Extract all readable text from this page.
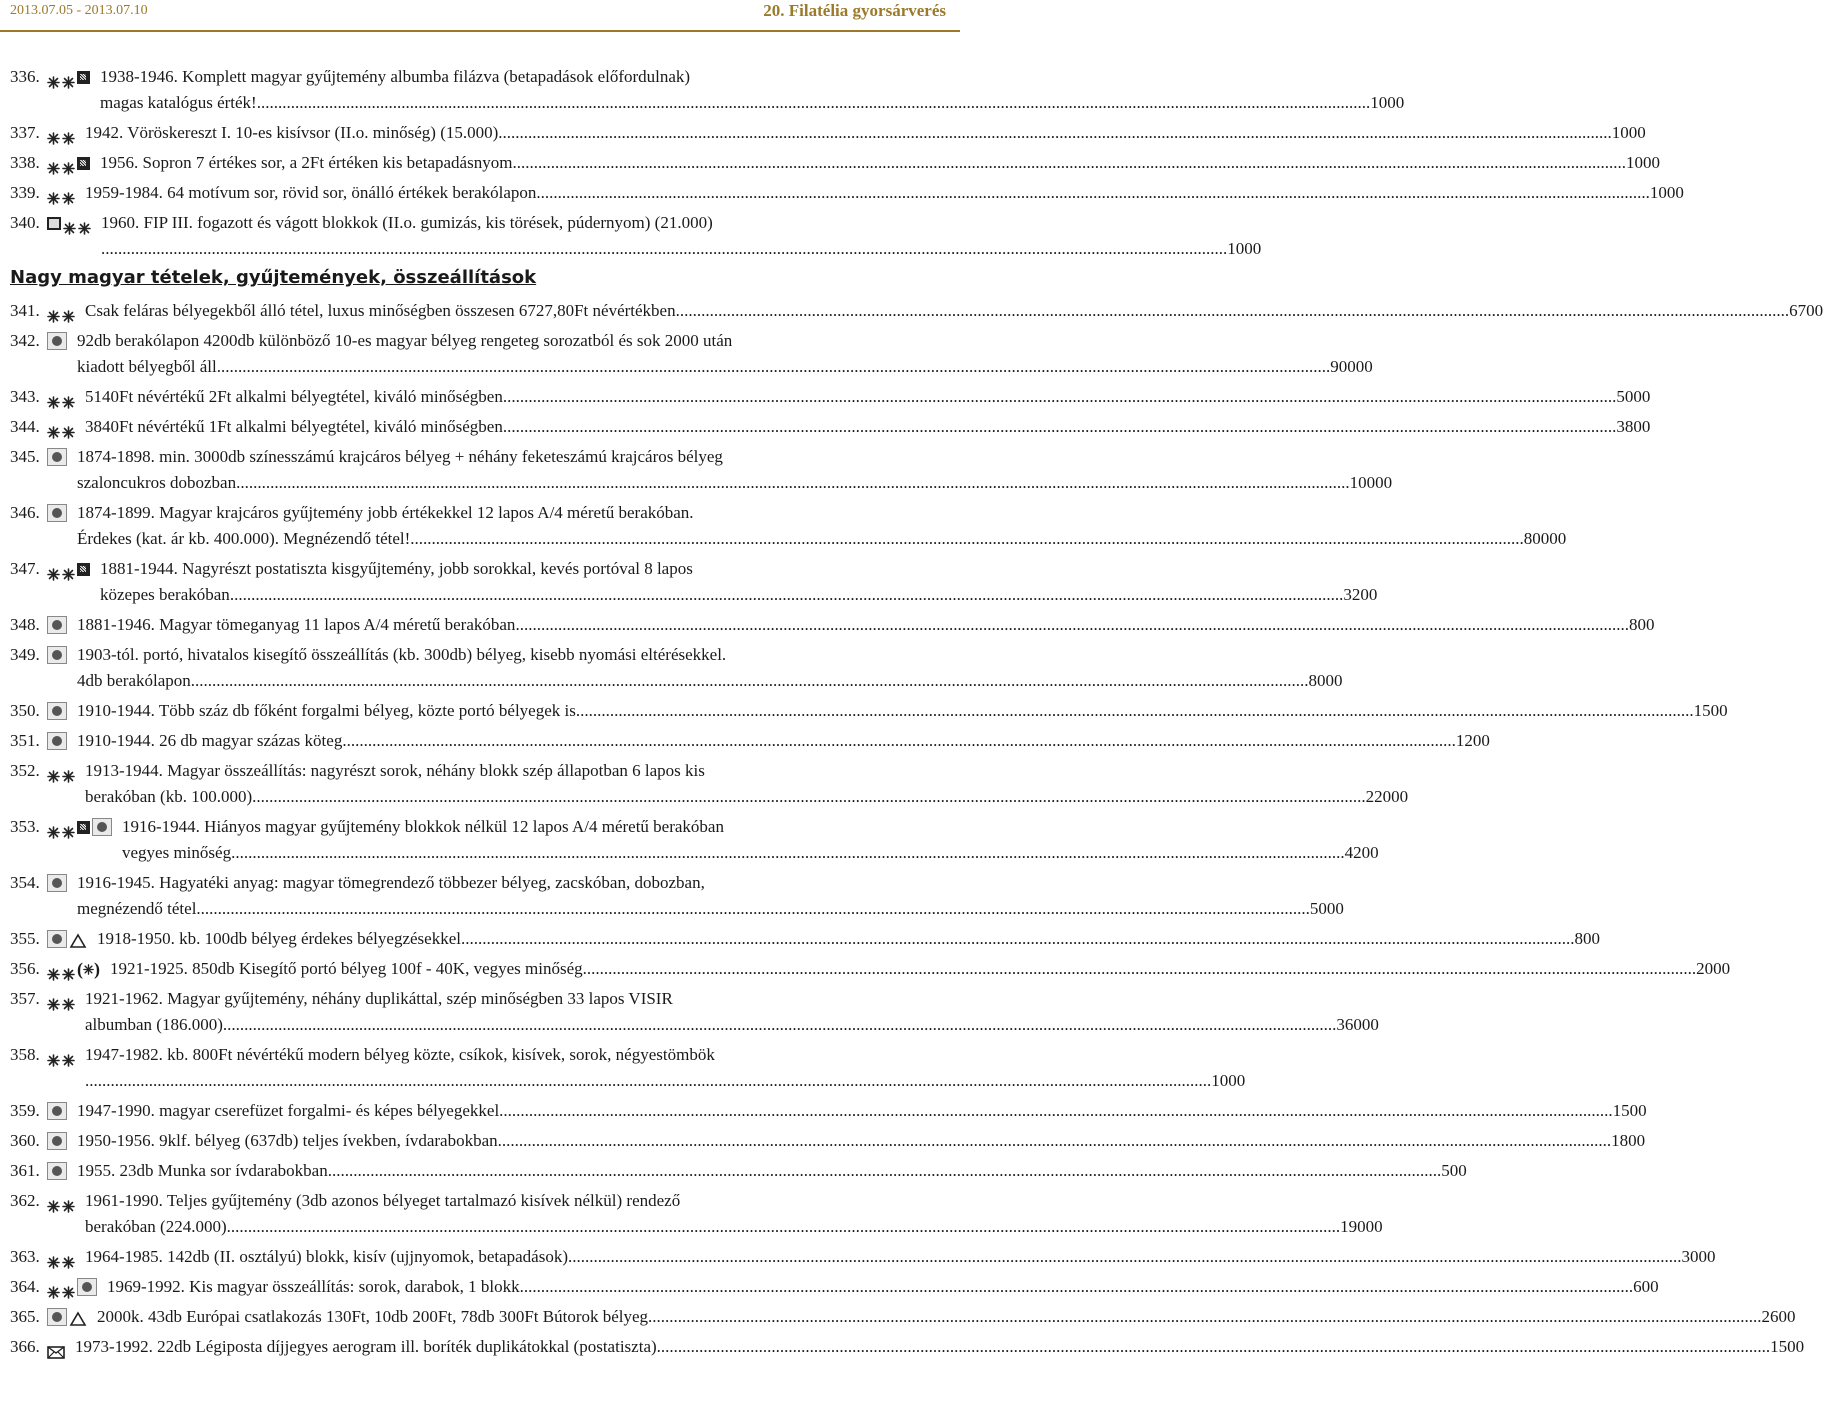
2013.07.05 - 2013.07.10	20. Filatélia gyorsárverés
336.	1938-1946. Komplett magyar gyűjtemény albumba filázva (betapadások előfordulnak)
magas katalógus érték! .....	1000
337.	1942. Vöröskereszt I. 10-es kisívsor (II.o. minőség) (15.000) .....	1000
338.	1956. Sopron 7 értékes sor, a 2Ft értéken kis betapadásnyom .....	1000
339.	1959-1984. 64 motívum sor, rövid sor, önálló értékek berakólapon .....	1000
340.	1960. FIP III. fogazott és vágott blokkok (II.o. gumizás, kis törések, púdernyom) (21.000)
... .....	1000
Nagy magyar tételek, gyűjtemények, összeállítások
341.	Csak feláras bélyegekből álló tétel, luxus minőségben összesen 6727,80Ft névértékben .....	6700
342.	92db berakólapon 4200db különböző 10-es magyar bélyeg rengeteg sorozatból és sok 2000 után
kiadott bélyegből áll .....	90000
343.	5140Ft névértékű 2Ft alkalmi bélyegtétel, kiváló minőségben .....	5000
344.	3840Ft névértékű 1Ft alkalmi bélyegtétel, kiváló minőségben .....	3800
345.	1874-1898. min. 3000db színesszámú krajcáros bélyeg + néhány feketeszámú krajcáros bélyeg
szaloncukros dobozban .....	10000
346.	1874-1899. Magyar krajcáros gyűjtemény jobb értékekkel 12 lapos A/4 méretű berakóban.
Érdekes (kat. ár kb. 400.000). Megnézendő tétel! .....	80000
347.	1881-1944. Nagyrészt postatiszta kisgyűjtemény, jobb sorokkal, kevés portóval 8 lapos
közepes berakóban .....	3200
348.	1881-1946. Magyar tömeganyag 11 lapos A/4 méretű berakóban .....	800
349.	1903-tól. portó, hivatalos kisegítő összeállítás (kb. 300db) bélyeg, kisebb nyomási eltérésekkel.
4db berakólapon. .....	8000
350.	1910-1944. Több száz db főként forgalmi bélyeg, közte portó bélyegek is. .....	1500
351.	1910-1944. 26 db magyar százas köteg .....	1200
352.	1913-1944. Magyar összeállítás: nagyrészt sorok, néhány blokk szép állapotban 6 lapos kis
berakóban (kb. 100.000) .....	22000
353.	1916-1944. Hiányos magyar gyűjtemény blokkok nélkül 12 lapos A/4 méretű berakóban
vegyes minőség .....	4200
354.	1916-1945. Hagyatéki anyag: magyar tömegrendező többezer bélyeg, zacskóban, dobozban,
megnézendő tétel .....	5000
355.	1918-1950. kb. 100db bélyeg érdekes bélyegzésekkel .....	800
356.	( ) 1921-1925. 850db Kisegítő portó bélyeg 100f - 40K, vegyes minőség .....	2000
357.	1921-1962. Magyar gyűjtemény, néhány duplikáttal, szép minőségben 33 lapos VISIR
albumban (186.000) .....	36000
358.	1947-1982. kb. 800Ft névértékű modern bélyeg közte, csíkok, kisívek, sorok, négyestömbök
... .....	1000
359.	1947-1990. magyar cserefüzet forgalmi- és képes bélyegekkel .....	1500
360.	1950-1956. 9klf. bélyeg (637db) teljes ívekben, ívdarabokban .....	1800
361.	1955. 23db Munka sor ívdarabokban .....	500
362.	1961-1990. Teljes gyűjtemény (3db azonos bélyeget tartalmazó kisívek nélkül) rendező
berakóban (224.000) .....	19000
363.	1964-1985. 142db (II. osztályú) blokk, kisív (ujjnyomok, betapadások) .....	3000
364.	1969-1992. Kis magyar összeállítás: sorok, darabok, 1 blokk .....	600
365.	2000k. 43db Európai csatlakozás 130Ft, 10db 200Ft, 78db 300Ft Bútorok bélyeg .....	2600
366.	1973-1992. 22db Légiposta díjjegyes aerogram ill. boríték duplikátokkal (postatiszta) .....	1500
